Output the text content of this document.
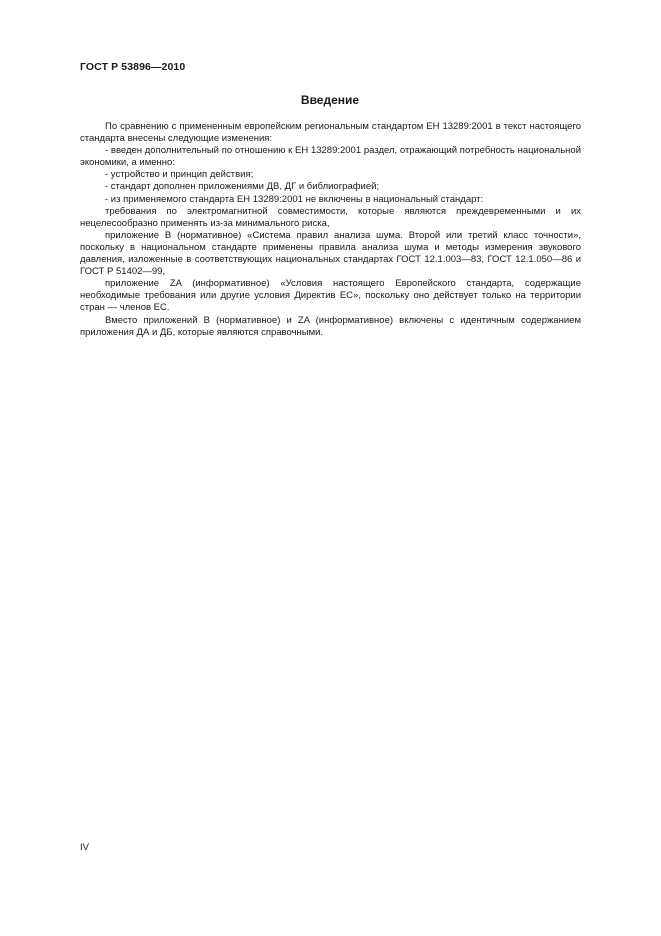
ГОСТ Р 53896—2010
Введение

По сравнению с примененным европейским региональным стандартом ЕН 13289:2001 в текст настоящего стандарта внесены следующие изменения:

- введен дополнительный по отношению к ЕН 13289:2001 раздел, отражающий потребность национальной экономики, а именно:

- устройство и принцип действия;

- стандарт дополнен приложениями ДВ, ДГ и библиографией;

- из применяемого стандарта ЕН 13289:2001 не включены в национальный стандарт:

требования по электромагнитной совместимости, которые являются преждевременными и их нецелесообразно применять из-за минимального риска,

приложение В (нормативное) «Система правил анализа шума. Второй или третий класс точности», поскольку в национальном стандарте применены правила анализа шума и методы измерения звукового давления, изложенные в соответствующих национальных стандартах ГОСТ 12.1.003—83, ГОСТ 12.1.050—86 и ГОСТ Р 51402—99,

приложение ZA (информативное) «Условия настоящего Европейского стандарта, содержащие необходимые требования или другие условия Директив ЕС», поскольку оно действует только на территории стран — членов ЕС.

Вместо приложений В (нормативное) и ZA (информативное) включены с идентичным содержанием приложения ДА и ДБ, которые являются справочными.

IV
